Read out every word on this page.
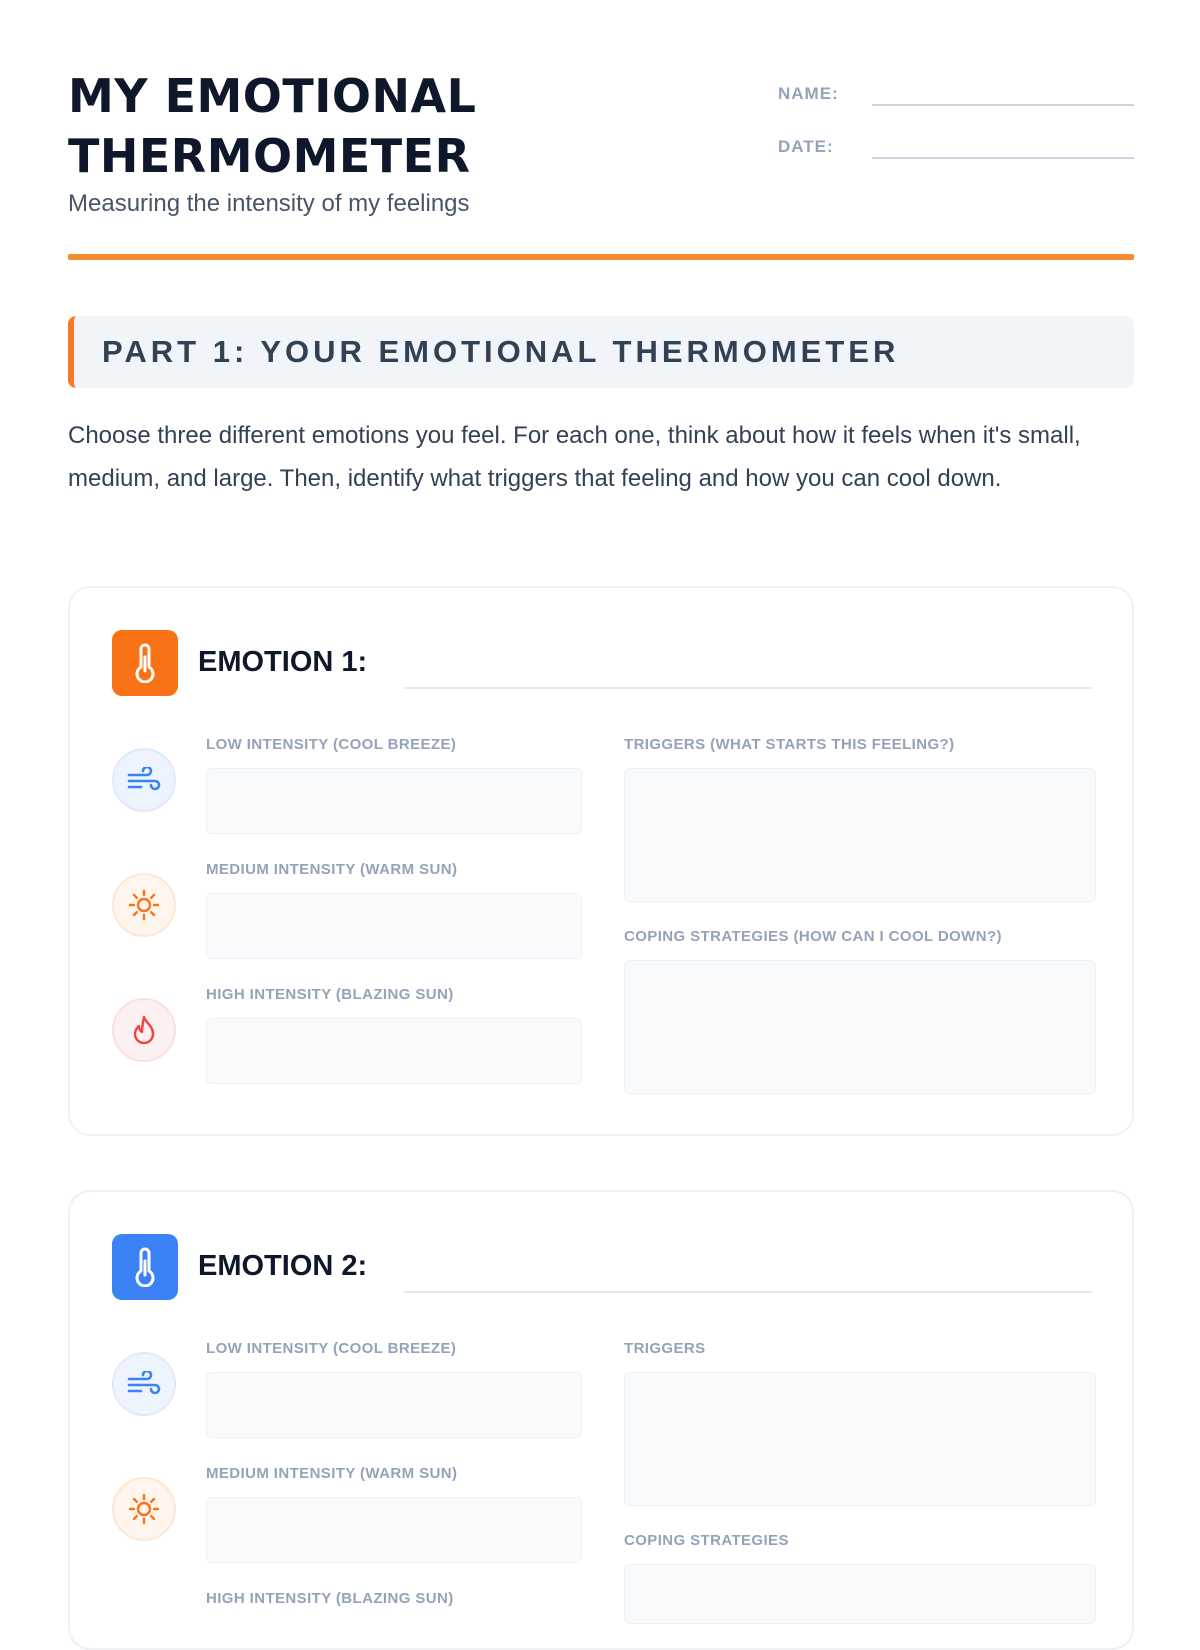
MY EMOTIONAL
THERMOMETER
Measuring the intensity of my feelings
NAME:
DATE:
PART 1: YOUR EMOTIONAL THERMOMETER

Choose three different emotions you feel. For each one, think about how it feels when it's small, medium, and large. Then, identify what triggers that feeling and how you can cool down.

EMOTION 1:
LOW INTENSITY (COOL BREEZE)
MEDIUM INTENSITY (WARM SUN)
HIGH INTENSITY (BLAZING SUN)
TRIGGERS (WHAT STARTS THIS FEELING?)
COPING STRATEGIES (HOW CAN I COOL DOWN?)
EMOTION 2:
LOW INTENSITY (COOL BREEZE)
MEDIUM INTENSITY (WARM SUN)
HIGH INTENSITY (BLAZING SUN)
TRIGGERS
COPING STRATEGIES
